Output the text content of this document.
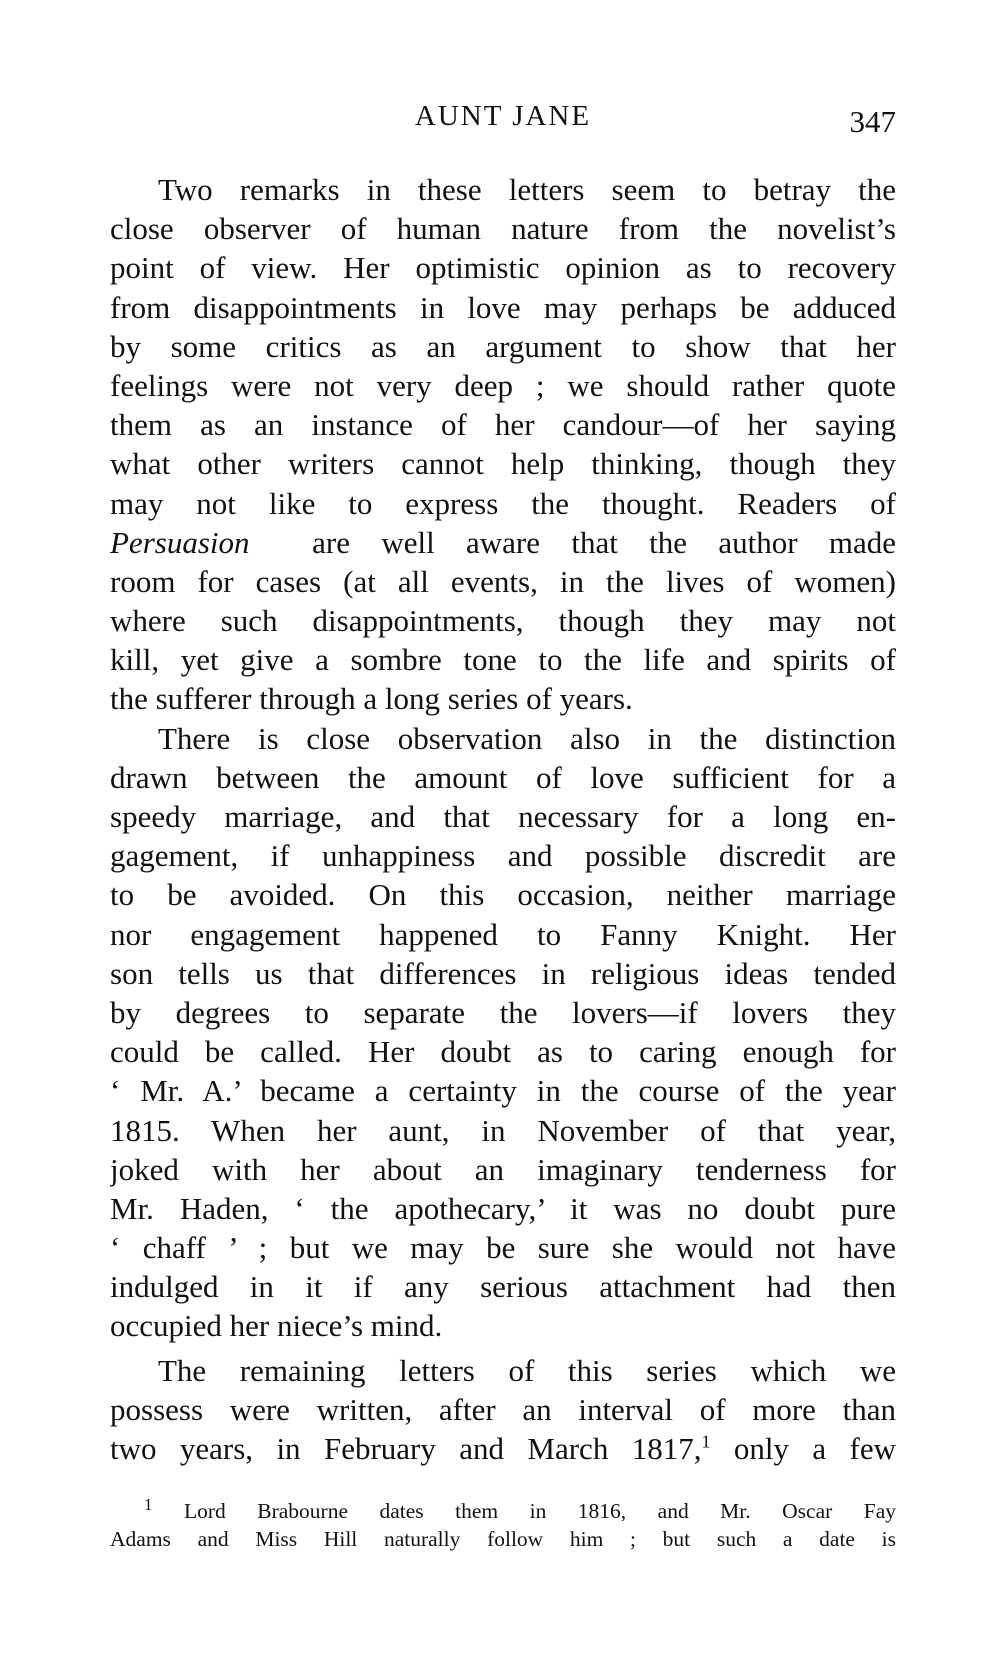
AUNT JANE	347
Two remarks in these letters seem to betray the
close observer of human nature from the novelist’s
point of view. Her optimistic opinion as to recovery
from disappointments in love may perhaps be adduced
by some critics as an argument to show that her
feelings were not very deep ; we should rather quote
them as an instance of her candour—of her saying
what other writers cannot help thinking, though they
may not like to express the thought. Readers of
Persuasion are well aware that the author made
room for cases (at all events, in the lives of women)
where such disappointments, though they may not
kill, yet give a sombre tone to the life and spirits of
the sufferer through a long series of years.
There is close observation also in the distinction
drawn between the amount of love sufficient for a
speedy marriage, and that necessary for a long en-
gagement, if unhappiness and possible discredit are
to be avoided. On this occasion, neither marriage
nor engagement happened to Fanny Knight. Her
son tells us that differences in religious ideas tended
by degrees to separate the lovers—if lovers they
could be called. Her doubt as to caring enough for
‘ Mr. A.’ became a certainty in the course of the year
1815. When her aunt, in November of that year,
joked with her about an imaginary tenderness for
Mr. Haden, ‘ the apothecary,’ it was no doubt pure
‘ chaff ’ ; but we may be sure she would not have
indulged in it if any serious attachment had then
occupied her niece’s mind.
The remaining letters of this series which we
possess were written, after an interval of more than
two years, in February and March 1817,$^1$ only a few
$^1$ Lord Brabourne dates them in 1816, and Mr. Oscar Fay
Adams and Miss Hill naturally follow him ; but such a date is
